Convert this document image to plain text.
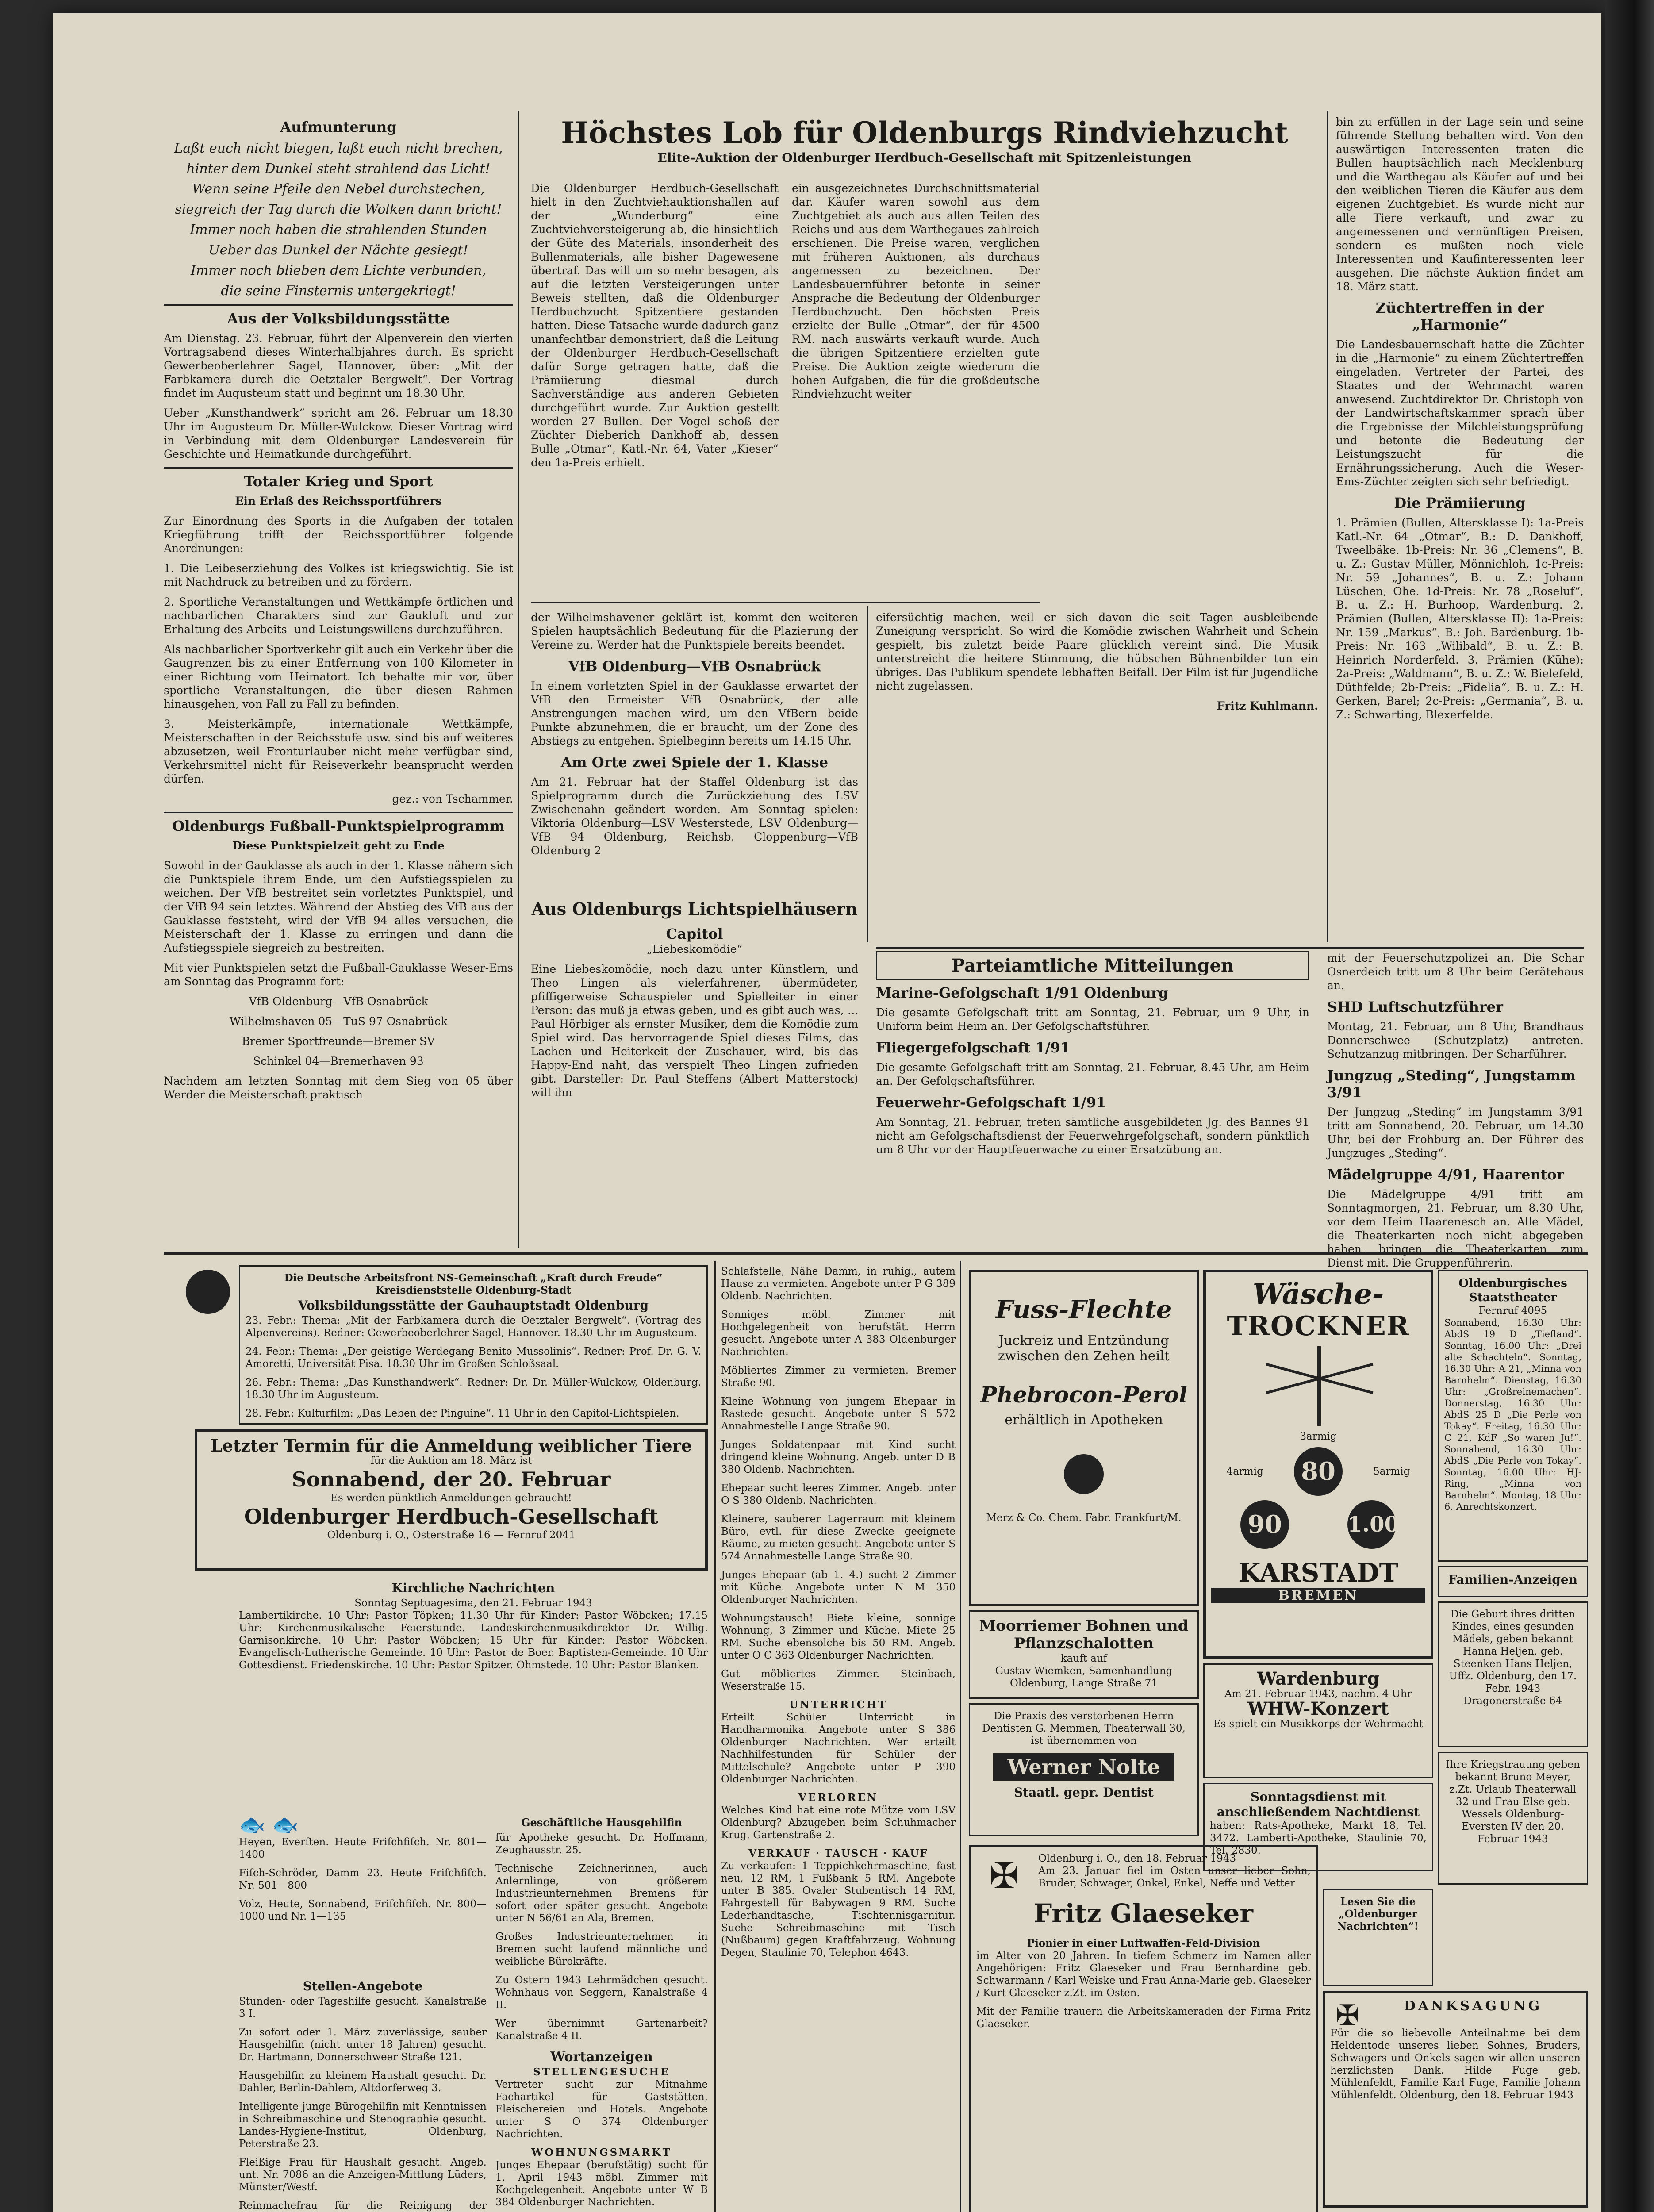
Aufmunterung

Laßt euch nicht biegen, laßt euch nicht brechen,

hinter dem Dunkel steht strahlend das Licht!

Wenn seine Pfeile den Nebel durchstechen,

siegreich der Tag durch die Wolken dann bricht!

Immer noch haben die strahlenden Stunden

Ueber das Dunkel der Nächte gesiegt!

Immer noch blieben dem Lichte verbunden,

die seine Finsternis untergekriegt!

Aus der Volksbildungsstätte

Am Dienstag, 23. Februar, führt der Alpenverein den vierten Vortragsabend dieses Winterhalbjahres durch. Es spricht Gewerbeoberlehrer Sagel, Hannover, über: „Mit der Farbkamera durch die Oetztaler Bergwelt“. Der Vortrag findet im Augusteum statt und beginnt um 18.30 Uhr.

Ueber „Kunsthandwerk“ spricht am 26. Februar um 18.30 Uhr im Augusteum Dr. Müller-Wulckow. Dieser Vortrag wird in Verbindung mit dem Oldenburger Landesverein für Geschichte und Heimatkunde durchgeführt.

Totaler Krieg und Sport

Ein Erlaß des Reichssportführers

Zur Einordnung des Sports in die Aufgaben der totalen Kriegführung trifft der Reichssportführer folgende Anordnungen:

1. Die Leibeserziehung des Volkes ist kriegswichtig. Sie ist mit Nachdruck zu betreiben und zu fördern.

2. Sportliche Veranstaltungen und Wettkämpfe örtlichen und nachbarlichen Charakters sind zur Gaukluft und zur Erhaltung des Arbeits- und Leistungswillens durchzuführen.

Als nachbarlicher Sportverkehr gilt auch ein Verkehr über die Gaugrenzen bis zu einer Entfernung von 100 Kilometer in einer Richtung vom Heimatort. Ich behalte mir vor, über sportliche Veranstaltungen, die über diesen Rahmen hinausgehen, von Fall zu Fall zu befinden.

3. Meisterkämpfe, internationale Wettkämpfe, Meisterschaften in der Reichsstufe usw. sind bis auf weiteres abzusetzen, weil Fronturlauber nicht mehr verfügbar sind, Verkehrsmittel nicht für Reiseverkehr beansprucht werden dürfen.

gez.: von Tschammer.

Oldenburgs Fußball-Punktspielprogramm

Diese Punktspielzeit geht zu Ende

Sowohl in der Gauklasse als auch in der 1. Klasse nähern sich die Punktspiele ihrem Ende, um den Aufstiegsspielen zu weichen. Der VfB bestreitet sein vorletztes Punktspiel, und der VfB 94 sein letztes. Während der Abstieg des VfB aus der Gauklasse feststeht, wird der VfB 94 alles versuchen, die Meisterschaft der 1. Klasse zu erringen und dann die Aufstiegsspiele siegreich zu bestreiten.

Mit vier Punktspielen setzt die Fußball-Gauklasse Weser-Ems am Sonntag das Programm fort:

VfB Oldenburg—VfB Osnabrück

Wilhelmshaven 05—TuS 97 Osnabrück

Bremer Sportfreunde—Bremer SV

Schinkel 04—Bremerhaven 93

Nachdem am letzten Sonntag mit dem Sieg von 05 über Werder die Meisterschaft praktisch

Höchstes Lob für Oldenburgs Rindviehzucht
Elite-Auktion der Oldenburger Herdbuch-Gesellschaft mit Spitzenleistungen

Die Oldenburger Herdbuch-Gesellschaft hielt in den Zuchtviehauktionshallen auf der „Wunderburg“ eine Zuchtviehversteigerung ab, die hinsichtlich der Güte des Materials, insonderheit des Bullenmaterials, alle bisher Dagewesene übertraf. Das will um so mehr besagen, als auf die letzten Versteigerungen unter Beweis stellten, daß die Oldenburger Herdbuchzucht Spitzentiere gestanden hatten. Diese Tatsache wurde dadurch ganz unanfechtbar demonstriert, daß die Leitung der Oldenburger Herdbuch-Gesellschaft dafür Sorge getragen hatte, daß die Prämiierung diesmal durch Sachverständige aus anderen Gebieten durchgeführt wurde. Zur Auktion gestellt worden 27 Bullen. Der Vogel schoß der Züchter Dieberich Dankhoff ab, dessen Bulle „Otmar“, Katl.-Nr. 64, Vater „Kieser“ den 1a-Preis erhielt.

ein ausgezeichnetes Durchschnittsmaterial dar. Käufer waren sowohl aus dem Zuchtgebiet als auch aus allen Teilen des Reichs und aus dem Warthegaues zahlreich erschienen. Die Preise waren, verglichen mit früheren Auktionen, als durchaus angemessen zu bezeichnen. Der Landesbauernführer betonte in seiner Ansprache die Bedeutung der Oldenburger Herdbuchzucht. Den höchsten Preis erzielte der Bulle „Otmar“, der für 4500 RM. nach auswärts verkauft wurde. Auch die übrigen Spitzentiere erzielten gute Preise. Die Auktion zeigte wiederum die hohen Aufgaben, die für die großdeutsche Rindviehzucht weiter

bin zu erfüllen in der Lage sein und seine führende Stellung behalten wird. Von den auswärtigen Interessenten traten die Bullen hauptsächlich nach Mecklenburg und die Warthegau als Käufer auf und bei den weiblichen Tieren die Käufer aus dem eigenen Zuchtgebiet. Es wurde nicht nur alle Tiere verkauft, und zwar zu angemessenen und vernünftigen Preisen, sondern es mußten noch viele Interessenten und Kaufinteressenten leer ausgehen. Die nächste Auktion findet am 18. März statt.

Züchtertreffen in der „Harmonie“

Die Landesbauernschaft hatte die Züchter in die „Harmonie“ zu einem Züchtertreffen eingeladen. Vertreter der Partei, des Staates und der Wehrmacht waren anwesend. Zuchtdirektor Dr. Christoph von der Landwirtschaftskammer sprach über die Ergebnisse der Milchleistungsprüfung und betonte die Bedeutung der Leistungszucht für die Ernährungssicherung. Auch die Weser-Ems-Züchter zeigten sich sehr befriedigt.

Die Prämiierung

1. Prämien (Bullen, Altersklasse I): 1a-Preis Katl.-Nr. 64 „Otmar“, B.: D. Dankhoff, Tweelbäke. 1b-Preis: Nr. 36 „Clemens“, B. u. Z.: Gustav Müller, Mönnichloh, 1c-Preis: Nr. 59 „Johannes“, B. u. Z.: Johann Lüschen, Ohe. 1d-Preis: Nr. 78 „Roseluf“, B. u. Z.: H. Burhoop, Wardenburg. 2. Prämien (Bullen, Altersklasse II): 1a-Preis: Nr. 159 „Markus“, B.: Joh. Bardenburg. 1b-Preis: Nr. 163 „Wilibald“, B. u. Z.: B. Heinrich Norderfeld. 3. Prämien (Kühe): 2a-Preis: „Waldmann“, B. u. Z.: W. Bielefeld, Düthfelde; 2b-Preis: „Fidelia“, B. u. Z.: H. Gerken, Barel; 2c-Preis: „Germania“, B. u. Z.: Schwarting, Blexerfelde.

der Wilhelmshavener geklärt ist, kommt den weiteren Spielen hauptsächlich Bedeutung für die Plazierung der Vereine zu. Werder hat die Punktspiele bereits beendet.

VfB Oldenburg—VfB Osnabrück

In einem vorletzten Spiel in der Gauklasse erwartet der VfB den Ermeister VfB Osnabrück, der alle Anstrengungen machen wird, um den VfBern beide Punkte abzunehmen, die er braucht, um der Zone des Abstiegs zu entgehen. Spielbeginn bereits um 14.15 Uhr.

Am Orte zwei Spiele der 1. Klasse

Am 21. Februar hat der Staffel Oldenburg ist das Spielprogramm durch die Zurückziehung des LSV Zwischenahn geändert worden. Am Sonntag spielen: Viktoria Oldenburg—LSV Westerstede, LSV Oldenburg—VfB 94 Oldenburg, Reichsb. Cloppenburg—VfB Oldenburg 2

Aus Oldenburgs Lichtspielhäusern
Capitol

„Liebeskomödie“

Eine Liebeskomödie, noch dazu unter Künstlern, und Theo Lingen als vielerfahrener, übermüdeter, pfiffigerweise Schauspieler und Spielleiter in einer Person: das muß ja etwas geben, und es gibt auch was, ... Paul Hörbiger als ernster Musiker, dem die Komödie zum Spiel wird. Das hervorragende Spiel dieses Films, das Lachen und Heiterkeit der Zuschauer, wird, bis das Happy-End naht, das verspielt Theo Lingen zufrieden gibt. Darsteller: Dr. Paul Steffens (Albert Matterstock) will ihn

eifersüchtig machen, weil er sich davon die seit Tagen ausbleibende Zuneigung verspricht. So wird die Komödie zwischen Wahrheit und Schein gespielt, bis zuletzt beide Paare glücklich vereint sind. Die Musik unterstreicht die heitere Stimmung, die hübschen Bühnenbilder tun ein übriges. Das Publikum spendete lebhaften Beifall. Der Film ist für Jugendliche nicht zugelassen.

Fritz Kuhlmann.

Parteiamtliche Mitteilungen
Marine-Gefolgschaft 1/91 Oldenburg

Die gesamte Gefolgschaft tritt am Sonntag, 21. Februar, um 9 Uhr, in Uniform beim Heim an. Der Gefolgschaftsführer.

Fliegergefolgschaft 1/91

Die gesamte Gefolgschaft tritt am Sonntag, 21. Februar, 8.45 Uhr, am Heim an. Der Gefolgschaftsführer.

Feuerwehr-Gefolgschaft 1/91

Am Sonntag, 21. Februar, treten sämtliche ausgebildeten Jg. des Bannes 91 nicht am Gefolgschaftsdienst der Feuerwehrgefolgschaft, sondern pünktlich um 8 Uhr vor der Hauptfeuerwache zu einer Ersatzübung an.

mit der Feuerschutzpolizei an. Die Schar Osnerdeich tritt um 8 Uhr beim Gerätehaus an.

SHD Luftschutzführer

Montag, 21. Februar, um 8 Uhr, Brandhaus Donnerschwee (Schutzplatz) antreten. Schutzanzug mitbringen. Der Scharführer.

Jungzug „Steding“, Jungstamm 3/91

Der Jungzug „Steding“ im Jungstamm 3/91 tritt am Sonnabend, 20. Februar, um 14.30 Uhr, bei der Frohburg an. Der Führer des Jungzuges „Steding“.

Mädelgruppe 4/91, Haarentor

Die Mädelgruppe 4/91 tritt am Sonntagmorgen, 21. Februar, um 8.30 Uhr, vor dem Heim Haarenesch an. Alle Mädel, die Theaterkarten noch nicht abgegeben haben, bringen die Theaterkarten zum Dienst mit. Die Gruppenführerin.

Die Deutsche Arbeitsfront NS-Gemeinschaft „Kraft durch Freude“ Kreisdienststelle Oldenburg-Stadt
Volksbildungsstätte der Gauhauptstadt Oldenburg

23. Febr.: Thema: „Mit der Farbkamera durch die Oetztaler Bergwelt“. (Vortrag des Alpenvereins). Redner: Gewerbeoberlehrer Sagel, Hannover. 18.30 Uhr im Augusteum.

24. Febr.: Thema: „Der geistige Werdegang Benito Mussolinis“. Redner: Prof. Dr. G. V. Amoretti, Universität Pisa. 18.30 Uhr im Großen Schloßsaal.

26. Febr.: Thema: „Das Kunsthandwerk“. Redner: Dr. Dr. Müller-Wulckow, Oldenburg. 18.30 Uhr im Augusteum.

28. Febr.: Kulturfilm: „Das Leben der Pinguine“. 11 Uhr in den Capitol-Lichtspielen.

Letzter Termin für die Anmeldung weiblicher Tiere
für die Auktion am 18. März ist
Sonnabend, der 20. Februar
Es werden pünktlich Anmeldungen gebraucht!
Oldenburger Herdbuch-Gesellschaft
Oldenburg i. O., Osterstraße 16 — Fernruf 2041
Kirchliche Nachrichten
Sonntag Septuagesima, den 21. Februar 1943

Lambertikirche. 10 Uhr: Pastor Töpken; 11.30 Uhr für Kinder: Pastor Wöbcken; 17.15 Uhr: Kirchenmusikalische Feierstunde. Landeskirchenmusikdirektor Dr. Willig. Garnisonkirche. 10 Uhr: Pastor Wöbcken; 15 Uhr für Kinder: Pastor Wöbcken. Evangelisch-Lutherische Gemeinde. 10 Uhr: Pastor de Boer. Baptisten-Gemeinde. 10 Uhr Gottesdienst. Friedenskirche. 10 Uhr: Pastor Spitzer. Ohmstede. 10 Uhr: Pastor Blanken.

🐟 🐟

Heyen, Everſten. Heute Friſchfiſch. Nr. 801—1400

Fiſch-Schröder, Damm 23. Heute Friſchfiſch. Nr. 501—800

Volz, Heute, Sonnabend, Friſchfiſch. Nr. 800—1000 und Nr. 1—135

Stellen-Angebote

Stunden- oder Tageshilfe gesucht. Kanalstraße 3 I.

Zu sofort oder 1. März zuverlässige, sauber Hausgehilfin (nicht unter 18 Jahren) gesucht. Dr. Hartmann, Donnerschweer Straße 121.

Hausgehilfin zu kleinem Haushalt gesucht. Dr. Dahler, Berlin-Dahlem, Altdorferweg 3.

Intelligente junge Bürogehilfin mit Kenntnissen in Schreibmaschine und Stenographie gesucht. Landes-Hygiene-Institut, Oldenburg, Peterstraße 23.

Fleißige Frau für Haushalt gesucht. Angeb. unt. Nr. 7086 an die Anzeigen-Mittlung Lüders, Münster/Westf.

Reinmachefrau für die Reinigung der

Geschäftliche Hausgehilfin

für Apotheke gesucht. Dr. Hoffmann, Zeughausstr. 25.

Technische Zeichnerinnen, auch Anlernlinge, von größerem Industrieunternehmen Bremens für sofort oder später gesucht. Angebote unter N 56/61 an Ala, Bremen.

Großes Industrieunternehmen in Bremen sucht laufend männliche und weibliche Bürokräfte.

Zu Ostern 1943 Lehrmädchen gesucht. Wohnhaus von Seggern, Kanalstraße 4 II.

Wer übernimmt Gartenarbeit? Kanalstraße 4 II.

Wortanzeigen
STELLENGESUCHE

Vertreter sucht zur Mitnahme Fachartikel für Gaststätten, Fleischereien und Hotels. Angebote unter S O 374 Oldenburger Nachrichten.

WOHNUNGSMARKT

Junges Ehepaar (berufstätig) sucht für 1. April 1943 möbl. Zimmer mit Kochgelegenheit. Angebote unter W B 384 Oldenburger Nachrichten.

Schlafstelle, Nähe Damm, in ruhig., autem Hause zu vermieten. Angebote unter P G 389 Oldenb. Nachrichten.

Sonniges möbl. Zimmer mit Hochgelegenheit von berufstät. Herrn gesucht. Angebote unter A 383 Oldenburger Nachrichten.

Möbliertes Zimmer zu vermieten. Bremer Straße 90.

Kleine Wohnung von jungem Ehepaar in Rastede gesucht. Angebote unter S 572 Annahmestelle Lange Straße 90.

Junges Soldatenpaar mit Kind sucht dringend kleine Wohnung. Angeb. unter D B 380 Oldenb. Nachrichten.

Ehepaar sucht leeres Zimmer. Angeb. unter O S 380 Oldenb. Nachrichten.

Kleinere, sauberer Lagerraum mit kleinem Büro, evtl. für diese Zwecke geeignete Räume, zu mieten gesucht. Angebote unter S 574 Annahmestelle Lange Straße 90.

Junges Ehepaar (ab 1. 4.) sucht 2 Zimmer mit Küche. Angebote unter N M 350 Oldenburger Nachrichten.

Wohnungstausch! Biete kleine, sonnige Wohnung, 3 Zimmer und Küche. Miete 25 RM. Suche ebensolche bis 50 RM. Angeb. unter O C 363 Oldenburger Nachrichten.

Gut möbliertes Zimmer. Steinbach, Weserstraße 15.

UNTERRICHT

Erteilt Schüler Unterricht in Handharmonika. Angebote unter S 386 Oldenburger Nachrichten. Wer erteilt Nachhilfestunden für Schüler der Mittelschule? Angebote unter P 390 Oldenburger Nachrichten.

VERLOREN

Welches Kind hat eine rote Mütze vom LSV Oldenburg? Abzugeben beim Schuhmacher Krug, Gartenstraße 2.

VERKAUF · TAUSCH · KAUF

Zu verkaufen: 1 Teppichkehrmaschine, fast neu, 12 RM, 1 Fußbank 5 RM. Angebote unter B 385. Ovaler Stubentisch 14 RM, Fahrgestell für Babywagen 9 RM. Suche Lederhandtasche, Tischtennisgarnitur. Suche Schreibmaschine mit Tisch (Nußbaum) gegen Kraftfahrzeug. Wohnung Degen, Staulinie 70, Telephon 4643.

Fuss-Flechte
Juckreiz und Entzündung zwischen den Zehen heilt
Phebrocon-Perol
erhältlich in Apotheken
Merz & Co. Chem. Fabr. Frankfurt/M.
Moorriemer Bohnen und Pflanzschalotten
kauft auf
Gustav Wiemken, Samenhandlung Oldenburg, Lange Straße 71

Die Praxis des verstorbenen Herrn Dentisten G. Memmen, Theaterwall 30, ist übernommen von

Werner Nolte
Staatl. gepr. Dentist
Wäsche-
TROCKNER
3armig
4armig 80	5armig
90	1.00
KARSTADT
BREMEN
Wardenburg
Am 21. Februar 1943, nachm. 4 Uhr
WHW-Konzert
Es spielt ein Musikkorps der Wehrmacht
Sonntagsdienst mit anschließendem Nachtdienst

haben: Rats-Apotheke, Markt 18, Tel. 3472. Lamberti-Apotheke, Staulinie 70, Tel. 2830.

Oldenburgisches Staatstheater
Fernruf 4095

Sonnabend, 16.30 Uhr: AbdS 19 D „Tiefland“. Sonntag, 16.00 Uhr: „Drei alte Schachteln“. Sonntag, 16.30 Uhr: A 21, „Minna von Barnhelm“. Dienstag, 16.30 Uhr: „Großreinemachen“. Donnerstag, 16.30 Uhr: AbdS 25 D „Die Perle von Tokay“. Freitag, 16.30 Uhr: C 21, KdF „So waren Ju!“. Sonnabend, 16.30 Uhr: AbdS „Die Perle von Tokay“. Sonntag, 16.00 Uhr: HJ-Ring, „Minna von Barnhelm“. Montag, 18 Uhr: 6. Anrechtskonzert.

Familien-Anzeigen

Die Geburt ihres dritten Kindes, eines gesunden Mädels, geben bekannt Hanna Heljen, geb. Steenken Hans Heljen, Uffz. Oldenburg, den 17. Febr. 1943 Dragonerstraße 64

Ihre Kriegstrauung geben bekannt Bruno Meyer, z.Zt. Urlaub Theaterwall 32 und Frau Else geb. Wessels Oldenburg-Eversten IV den 20. Februar 1943

✠	Oldenburg i. O., den 18. Februar 1943

Am 23. Januar fiel im Osten unser lieber Sohn, Bruder, Schwager, Onkel, Enkel, Neffe und Vetter

Fritz Glaeseker
Pionier in einer Luftwaffen-Feld-Division

im Alter von 20 Jahren. In tiefem Schmerz im Namen aller Angehörigen: Fritz Glaeseker und Frau Bernhardine geb. Schwarmann / Karl Weiske und Frau Anna-Marie geb. Glaeseker / Kurt Glaeseker z.Zt. im Osten.

Mit der Familie trauern die Arbeitskameraden der Firma Fritz Glaeseker.

Lesen Sie die „Oldenburger Nachrichten“!

✠	DANKSAGUNG

Für die so liebevolle Anteilnahme bei dem Heldentode unseres lieben Sohnes, Bruders, Schwagers und Onkels sagen wir allen unseren herzlichsten Dank. Hilde Fuge geb. Mühlenfeldt, Familie Karl Fuge, Familie Johann Mühlenfeldt. Oldenburg, den 18. Februar 1943
